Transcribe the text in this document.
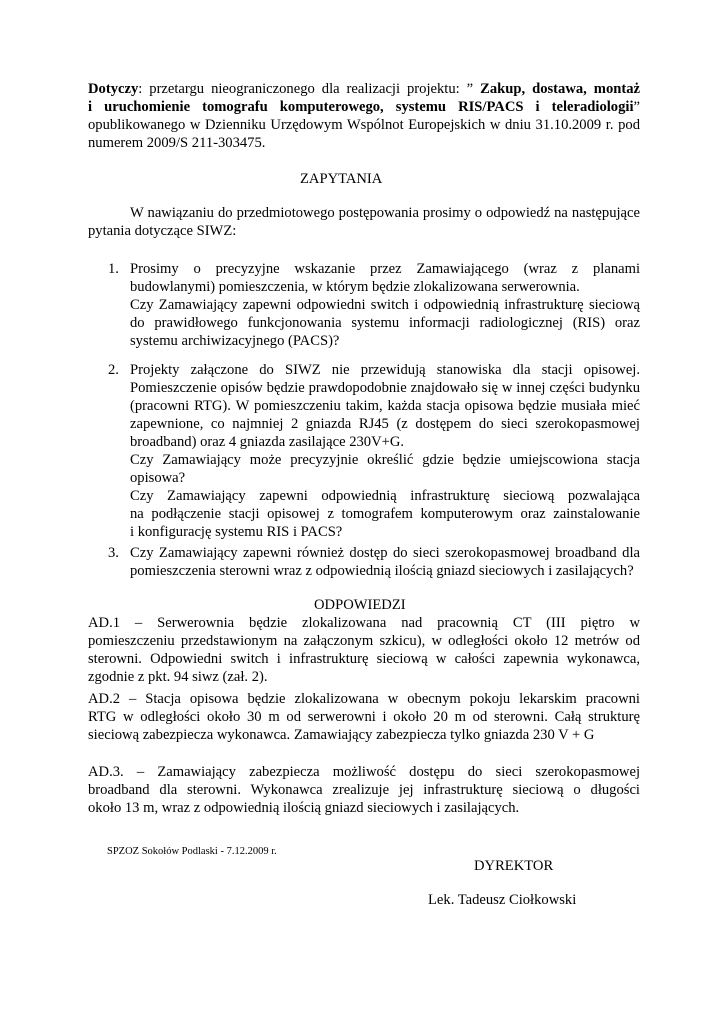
Dotyczy: przetargu nieograniczonego dla realizacji projektu: ” Zakup, dostawa, montaż
i uruchomienie tomografu komputerowego, systemu RIS/PACS i teleradiologii”
opublikowanego w Dzienniku Urzędowym Wspólnot Europejskich w dniu 31.10.2009 r. pod
numerem 2009/S 211-303475.
ZAPYTANIA
W nawiązaniu do przedmiotowego postępowania prosimy o odpowiedź na następujące
pytania dotyczące SIWZ:
1. Prosimy o precyzyjne wskazanie przez Zamawiającego (wraz z planami
budowlanymi) pomieszczenia, w którym będzie zlokalizowana serwerownia.
Czy Zamawiający zapewni odpowiedni switch i odpowiednią infrastrukturę sieciową
do prawidłowego funkcjonowania systemu informacji radiologicznej (RIS) oraz
systemu archiwizacyjnego (PACS)?
2. Projekty załączone do SIWZ nie przewidują stanowiska dla stacji opisowej.
Pomieszczenie opisów będzie prawdopodobnie znajdowało się w innej części budynku
(pracowni RTG). W pomieszczeniu takim, każda stacja opisowa będzie musiała mieć
zapewnione, co najmniej 2 gniazda RJ45 (z dostępem do sieci szerokopasmowej
broadband) oraz 4 gniazda zasilające 230V+G.
Czy Zamawiający może precyzyjnie określić gdzie będzie umiejscowiona stacja
opisowa?
Czy Zamawiający zapewni odpowiednią infrastrukturę sieciową pozwalająca
na podłączenie stacji opisowej z tomografem komputerowym oraz zainstalowanie
i konfigurację systemu RIS i PACS?
3. Czy Zamawiający zapewni również dostęp do sieci szerokopasmowej broadband dla
pomieszczenia sterowni wraz z odpowiednią ilością gniazd sieciowych i zasilających?
ODPOWIEDZI
AD.1 – Serwerownia będzie zlokalizowana nad pracownią CT (III piętro w
pomieszczeniu przedstawionym na załączonym szkicu), w odległości około 12 metrów od
sterowni. Odpowiedni switch i infrastrukturę sieciową w całości zapewnia wykonawca,
zgodnie z pkt. 94 siwz (zał. 2).
AD.2 – Stacja opisowa będzie zlokalizowana w obecnym pokoju lekarskim pracowni
RTG w odległości około 30 m od serwerowni i około 20 m od sterowni. Całą strukturę
sieciową zabezpiecza wykonawca. Zamawiający zabezpiecza tylko gniazda 230 V + G
AD.3. – Zamawiający zabezpiecza możliwość dostępu do sieci szerokopasmowej
broadband dla sterowni. Wykonawca zrealizuje jej infrastrukturę sieciową o długości
około 13 m, wraz z odpowiednią ilością gniazd sieciowych i zasilających.
SPZOZ Sokołów Podlaski - 7.12.2009 r.
DYREKTOR
Lek. Tadeusz Ciołkowski
